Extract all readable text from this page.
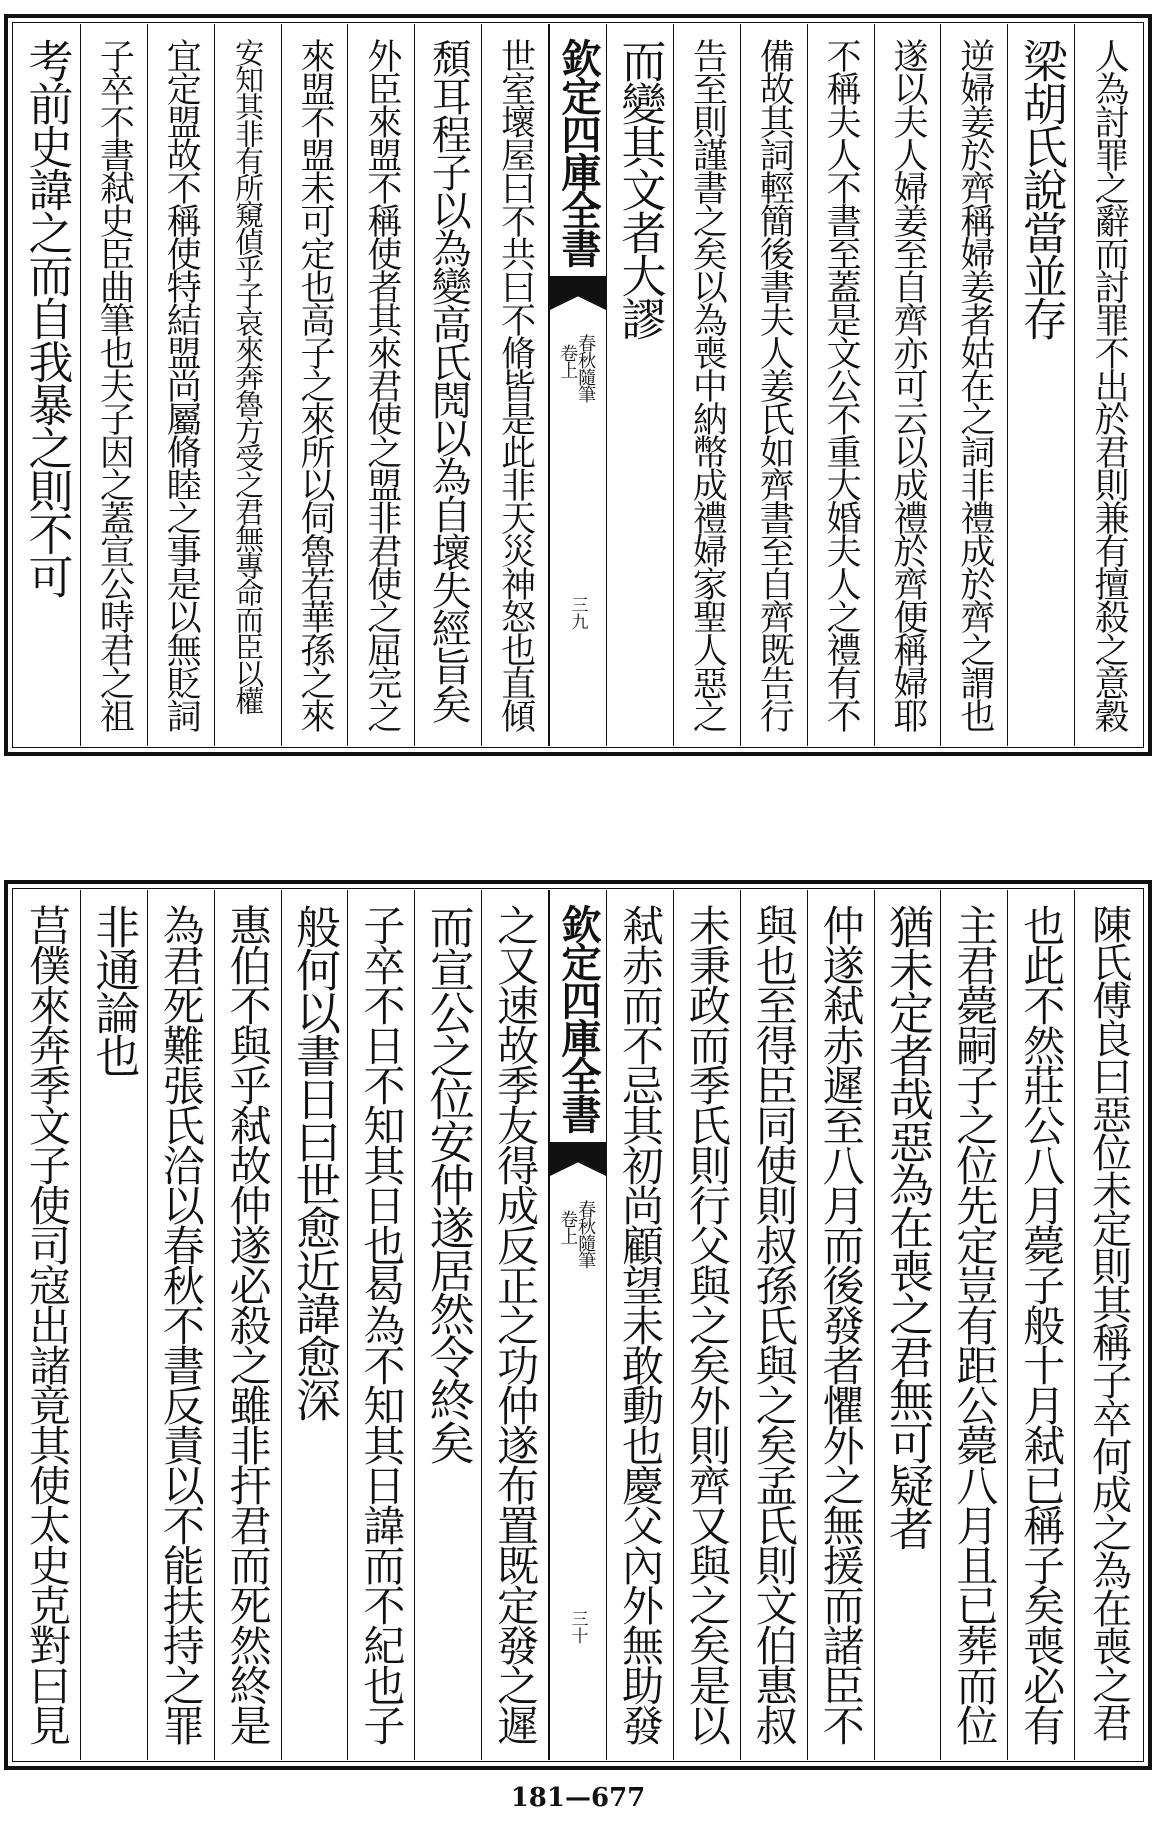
人為討罪之辭而討罪不出於君則兼有擅殺之意穀
梁胡氏說當並存
逆婦姜於齊稱婦姜者姑在之詞非禮成於齊之謂也
遂以夫人婦姜至自齊亦可云以成禮於齊便稱婦耶
不稱夫人不書至蓋是文公不重大婚夫人之禮有不
備故其詞輕簡後書夫人姜氏如齊書至自齊既告行
告至則謹書之矣以為喪中納幣成禮婦家聖人惡之
而變其文者大謬
欽定四庫全書
春秋隨筆
卷上
三九
世室壞屋曰不共曰不脩皆是此非天災神怒也直傾
頹耳程子以為變高氏閌以為自壞失經旨矣
外臣來盟不稱使者其來君使之盟非君使之屈完之
來盟不盟未可定也高子之來所以伺魯若華孫之來
安知其非有所窺偵乎子哀來奔魯方受之君無專命而臣以權
宜定盟故不稱使特結盟尚屬脩睦之事是以無貶詞
子卒不書弒史臣曲筆也夫子因之蓋宣公時君之祖
考前史諱之而自我暴之則不可
陳氏傅良曰惡位未定則其稱子卒何成之為在喪之君
也此不然莊公八月薨子般十月弒已稱子矣喪必有
主君薨嗣子之位先定豈有距公薨八月且已葬而位
猶未定者哉惡為在喪之君無可疑者
仲遂弒赤遲至八月而後發者懼外之無援而諸臣不
與也至得臣同使則叔孫氏與之矣孟氏則文伯惠叔
未秉政而季氏則行父與之矣外則齊又與之矣是以
弒赤而不忌其初尚顧望未敢動也慶父內外無助發
欽定四庫全書
春秋隨筆
卷上
三十
之又速故季友得成反正之功仲遂布置既定發之遲
而宣公之位安仲遂居然令終矣
子卒不日不知其日也曷為不知其日諱而不紀也子
般何以書日曰世愈近諱愈深
惠伯不與乎弒故仲遂必殺之雖非扞君而死然終是
為君死難張氏洽以春秋不書反責以不能扶持之罪
非通論也
莒僕來奔季文子使司寇出諸竟其使太史克對曰見
181—677
